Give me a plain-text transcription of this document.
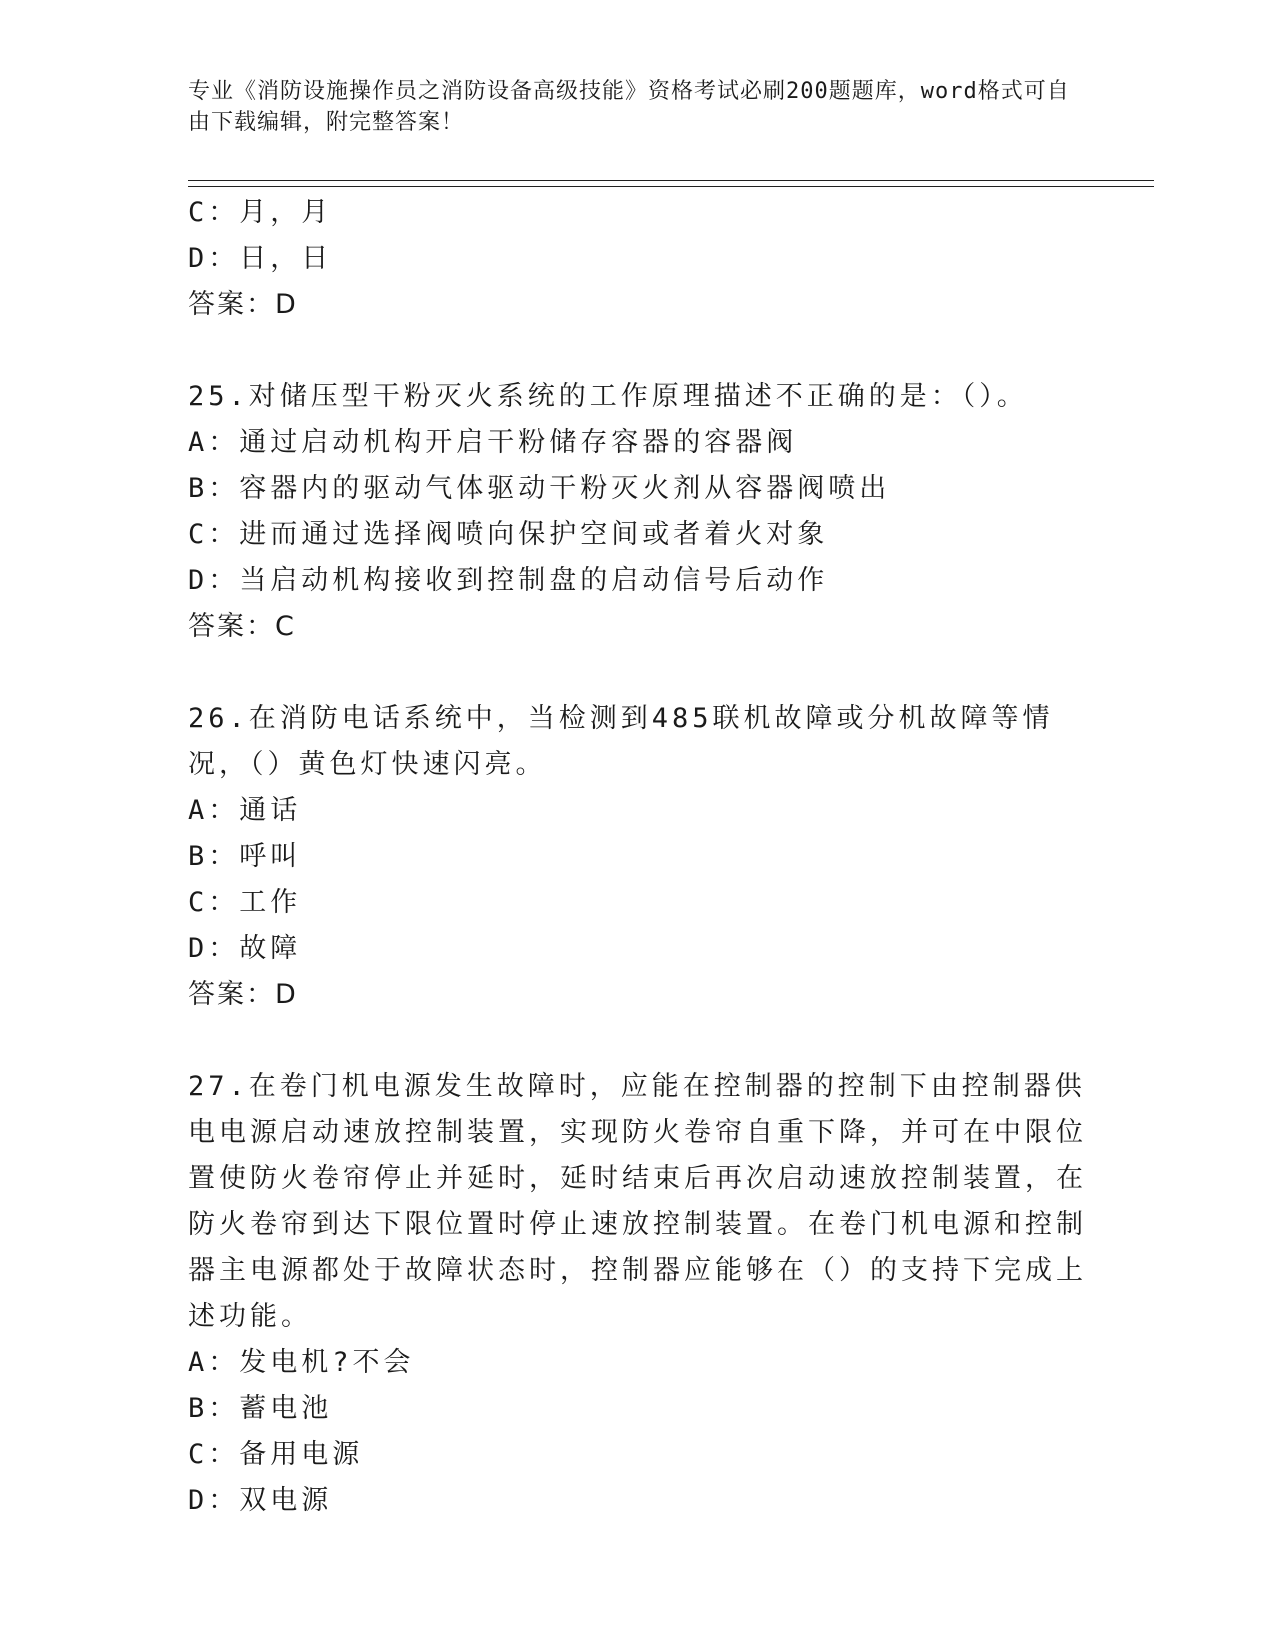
专业《消防设施操作员之消防设备高级技能》资格考试必刷200题题库，word格式可自由下载编辑，附完整答案！
C：月，月
D：日，日
答案：D
25.对储压型干粉灭火系统的工作原理描述不正确的是：（）。
A：通过启动机构开启干粉储存容器的容器阀
B：容器内的驱动气体驱动干粉灭火剂从容器阀喷出
C：进而通过选择阀喷向保护空间或者着火对象
D：当启动机构接收到控制盘的启动信号后动作
答案：C
26.在消防电话系统中，当检测到485联机故障或分机故障等情况，（）黄色灯快速闪亮。
A：通话
B：呼叫
C：工作
D：故障
答案：D
27.在卷门机电源发生故障时，应能在控制器的控制下由控制器供电电源启动速放控制装置，实现防火卷帘自重下降，并可在中限位置使防火卷帘停止并延时，延时结束后再次启动速放控制装置，在防火卷帘到达下限位置时停止速放控制装置。在卷门机电源和控制器主电源都处于故障状态时，控制器应能够在（）的支持下完成上述功能。
A：发电机?不会
B：蓄电池
C：备用电源
D：双电源
